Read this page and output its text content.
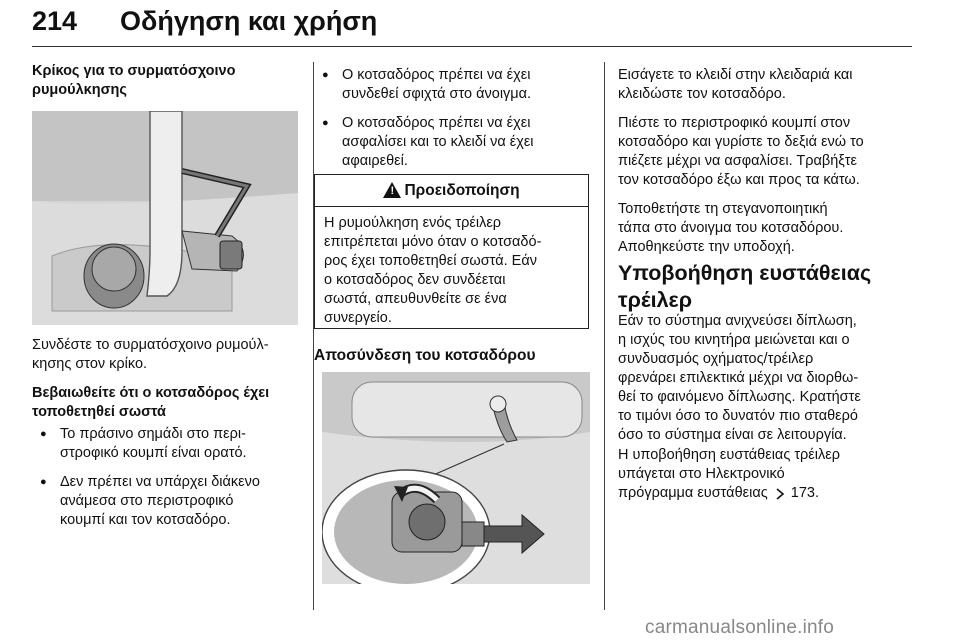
214 Οδήγηση και χρήση
Κρίκος για το συρματόσχοινο
ρυμούλκησης
Συνδέστε το συρματόσχοινο ρυμούλ-
κησης στον κρίκο.
Βεβαιωθείτε ότι ο κοτσαδόρος έχει
τοποθετηθεί σωστά
● Το πράσινο σημάδι στο περι-
στροφικό κουμπί είναι ορατό.
● Δεν πρέπει να υπάρχει διάκενο
ανάμεσα στο περιστροφικό
κουμπί και τον κοτσαδόρο.
● Ο κοτσαδόρος πρέπει να έχει
συνδεθεί σφιχτά στο άνοιγμα.
● Ο κοτσαδόρος πρέπει να έχει
ασφαλίσει και το κλειδί να έχει
αφαιρεθεί.
! Προειδοποίηση
Η ρυμούλκηση ενός τρέιλερ
επιτρέπεται μόνο όταν ο κοτσαδό-
ρος έχει τοποθετηθεί σωστά. Εάν
ο κοτσαδόρος δεν συνδέεται
σωστά, απευθυνθείτε σε ένα
συνεργείο.
Αποσύνδεση του κοτσαδόρου
Εισάγετε το κλειδί στην κλειδαριά και
κλειδώστε τον κοτσαδόρο.
Πιέστε το περιστροφικό κουμπί στον
κοτσαδόρο και γυρίστε το δεξιά ενώ το
πιέζετε μέχρι να ασφαλίσει. Τραβήξτε
τον κοτσαδόρο έξω και προς τα κάτω.
Τοποθετήστε τη στεγανοποιητική
τάπα στο άνοιγμα του κοτσαδόρου.
Αποθηκεύστε την υποδοχή.
Υποβοήθηση ευστάθειας
τρέιλερ
Εάν το σύστημα ανιχνεύσει δίπλωση,
η ισχύς του κινητήρα μειώνεται και ο
συνδυασμός οχήματος/τρέιλερ
φρενάρει επιλεκτικά μέχρι να διορθω-
θεί το φαινόμενο δίπλωσης. Κρατήστε
το τιμόνι όσο το δυνατόν πιο σταθερό
όσο το σύστημα είναι σε λειτουργία.
Η υποβοήθηση ευστάθειας τρέιλερ
υπάγεται στο Ηλεκτρονικό
πρόγραμμα ευστάθειας 173.
carmanualsonline.info
